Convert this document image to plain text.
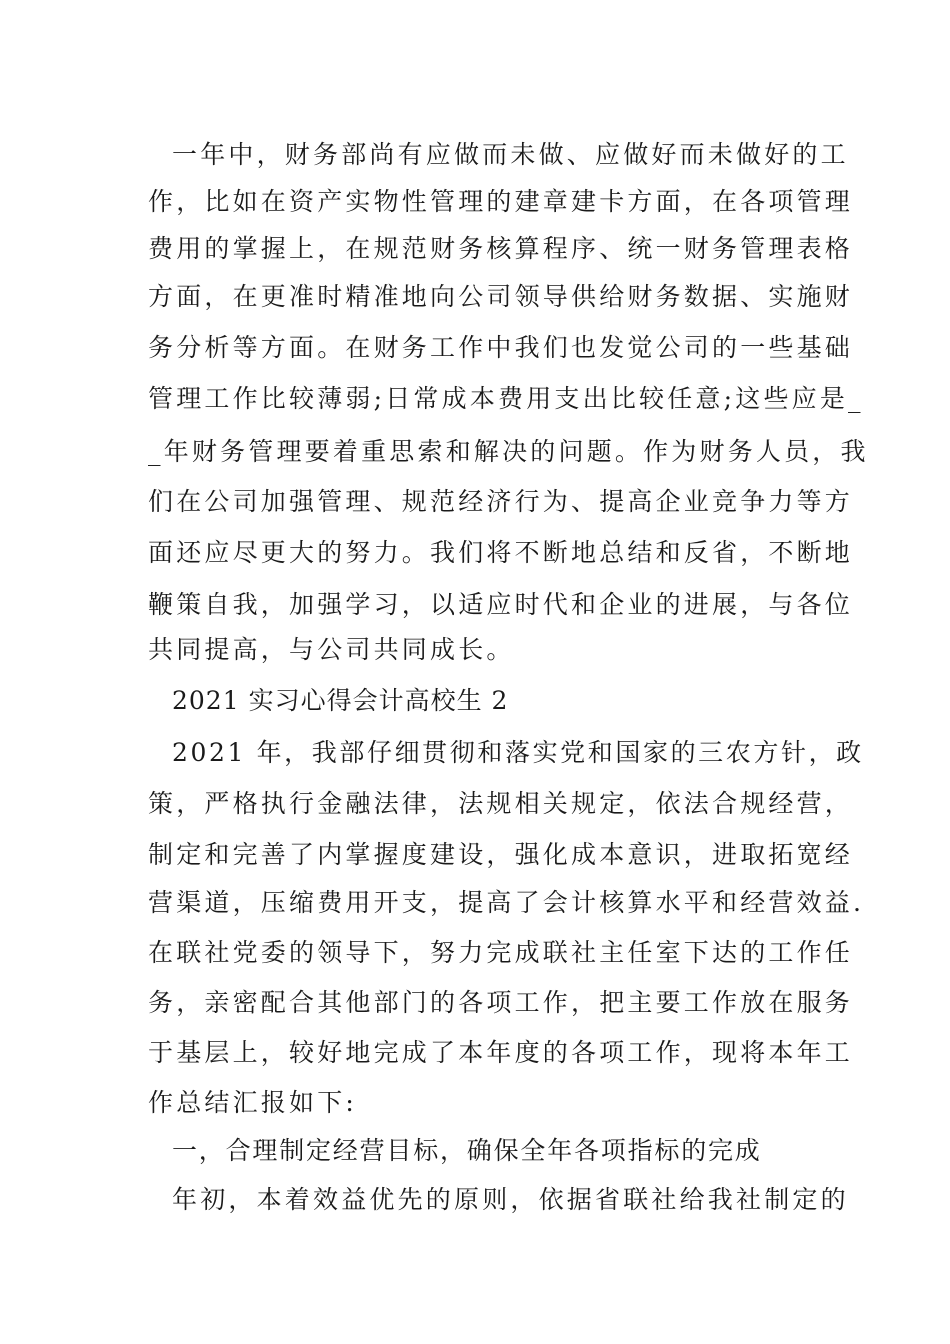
一年中，财务部尚有应做而未做、应做好而未做好的工
作，比如在资产实物性管理的建章建卡方面，在各项管理
费用的掌握上，在规范财务核算程序、统一财务管理表格
方面，在更准时精准地向公司领导供给财务数据、实施财
务分析等方面。在财务工作中我们也发觉公司的一些基础
管理工作比较薄弱;日常成本费用支出比较任意;这些应是_
_年财务管理要着重思索和解决的问题。作为财务人员，我
们在公司加强管理、规范经济行为、提高企业竞争力等方
面还应尽更大的努力。我们将不断地总结和反省，不断地
鞭策自我，加强学习，以适应时代和企业的进展，与各位
共同提高，与公司共同成长。
2021 实习心得会计高校生 2
2021 年，我部仔细贯彻和落实党和国家的三农方针，政
策，严格执行金融法律，法规相关规定，依法合规经营，
制定和完善了内掌握度建设，强化成本意识，进取拓宽经
营渠道，压缩费用开支，提高了会计核算水平和经营效益.
在联社党委的领导下，努力完成联社主任室下达的工作任
务，亲密配合其他部门的各项工作，把主要工作放在服务
于基层上，较好地完成了本年度的各项工作，现将本年工
作总结汇报如下:
一，合理制定经营目标，确保全年各项指标的完成
年初，本着效益优先的原则，依据省联社给我社制定的
